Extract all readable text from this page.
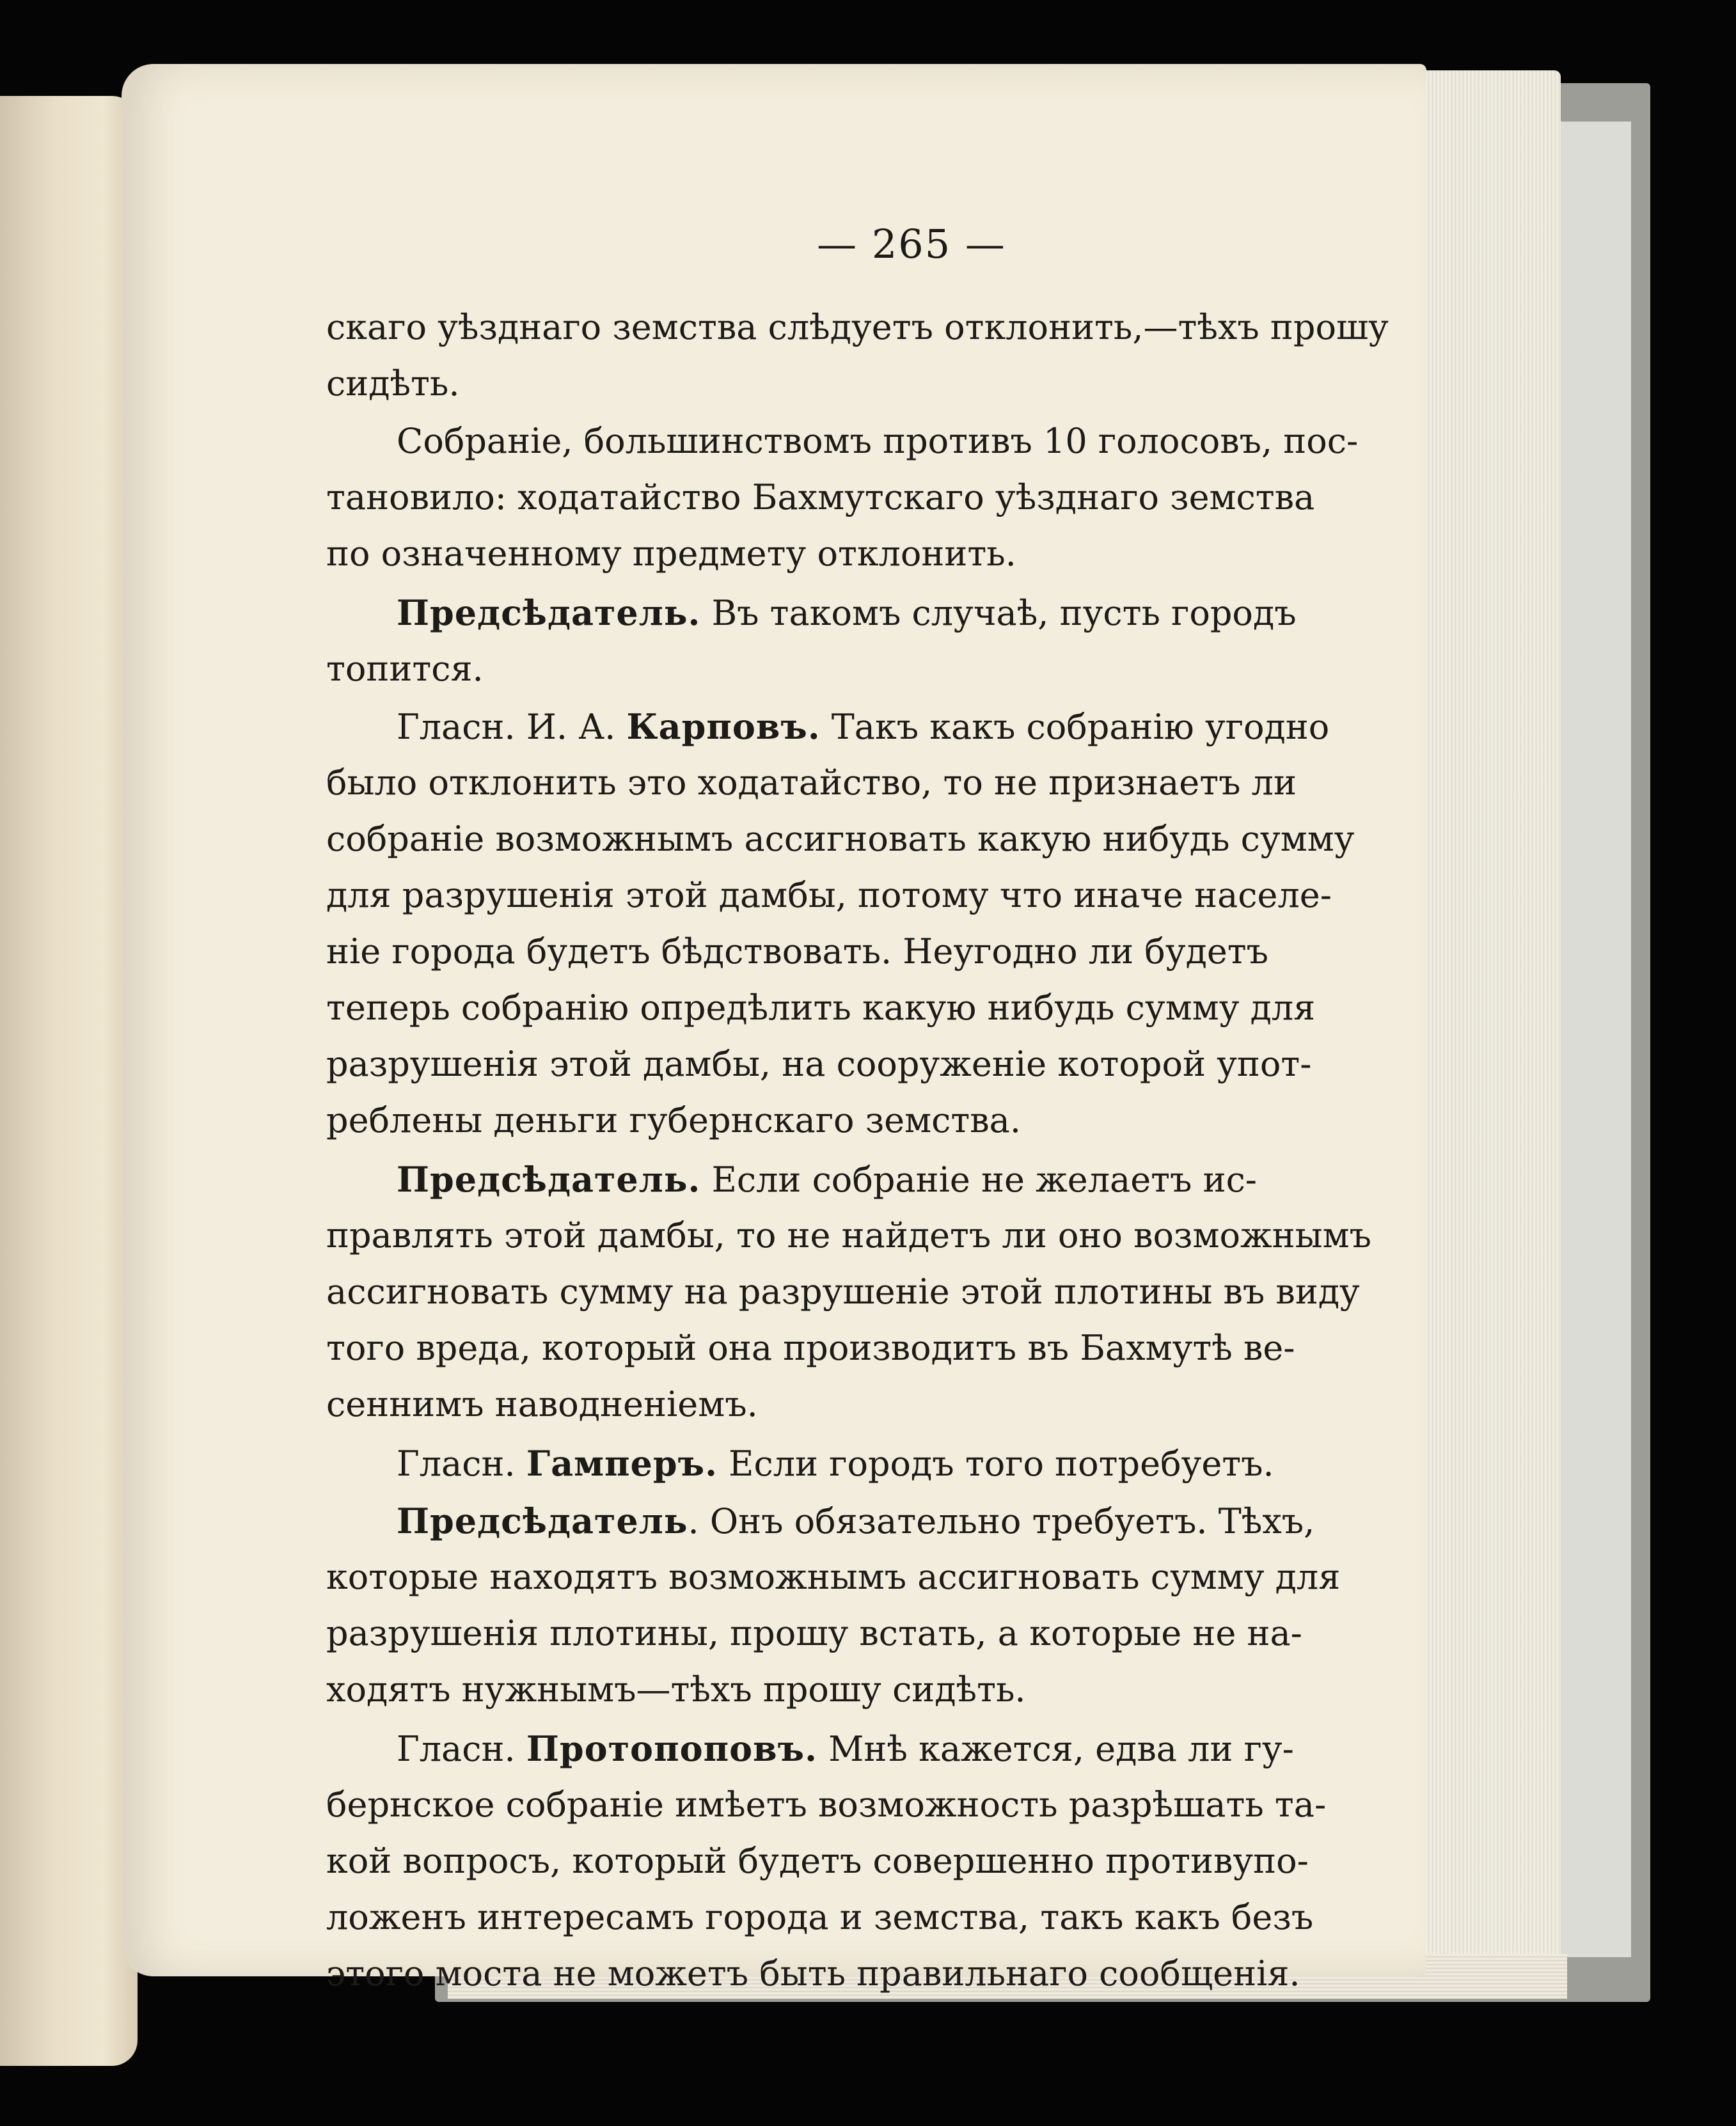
— 265 —
скаго уѣзднаго земства слѣдуетъ отклонить,—тѣхъ прошу
сидѣть.
Собраніе, большинствомъ противъ 10 голосовъ, пос-
тановило: ходатайство Бахмутскаго уѣзднаго земства
по означенному предмету отклонить.
Предсѣдатель. Въ такомъ случаѣ, пусть городъ
топится.
Гласн. И. А. Карповъ. Такъ какъ собранію угодно
было отклонить это ходатайство, то не признаетъ ли
собраніе возможнымъ ассигновать какую нибудь сумму
для разрушенія этой дамбы, потому что иначе населе-
ніе города будетъ бѣдствовать. Неугодно ли будетъ
теперь собранію опредѣлить какую нибудь сумму для
разрушенія этой дамбы, на сооруженіе которой упот-
реблены деньги губернскаго земства.
Предсѣдатель. Если собраніе не желаетъ ис-
правлять этой дамбы, то не найдетъ ли оно возможнымъ
ассигновать сумму на разрушеніе этой плотины въ виду
того вреда, который она производитъ въ Бахмутѣ ве-
сеннимъ наводненіемъ.
Гласн. Гамперъ. Если городъ того потребуетъ.
Предсѣдатель. Онъ обязательно требуетъ. Тѣхъ,
которые находятъ возможнымъ ассигновать сумму для
разрушенія плотины, прошу встать, а которые не на-
ходятъ нужнымъ—тѣхъ прошу сидѣть.
Гласн. Протопоповъ. Мнѣ кажется, едва ли гу-
бернское собраніе имѣетъ возможность разрѣшать та-
кой вопросъ, который будетъ совершенно противупо-
ложенъ интересамъ города и земства, такъ какъ безъ
этого моста не можетъ быть правильнаго сообщенія.
